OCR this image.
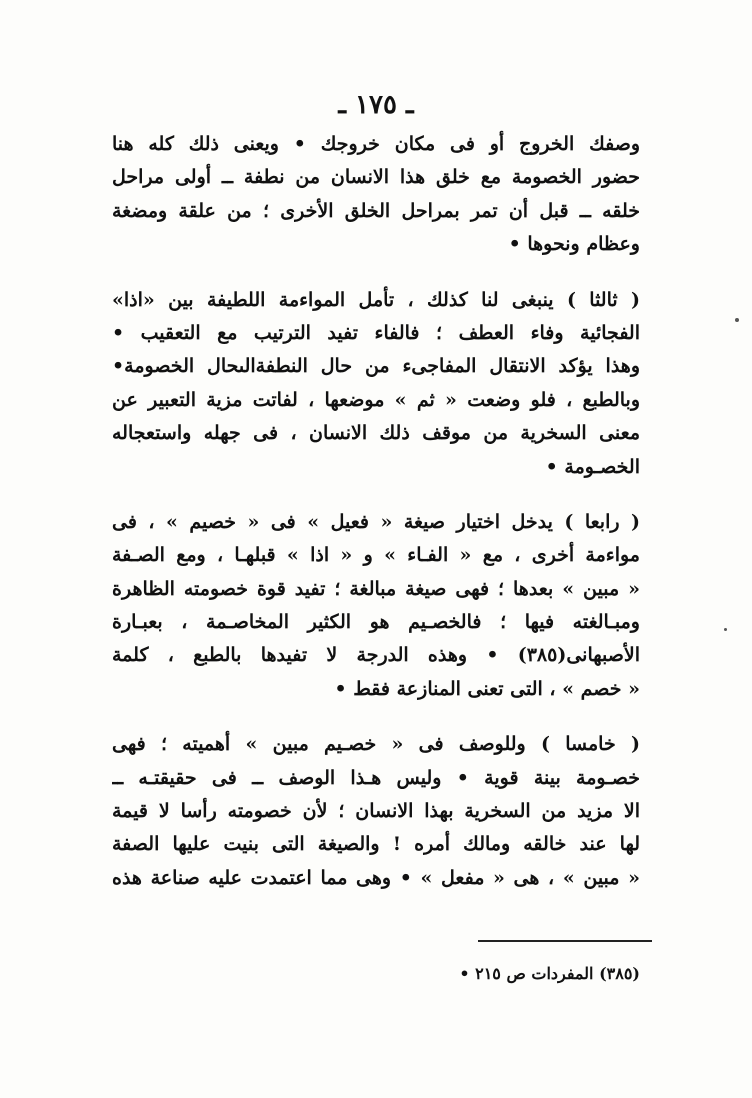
ـ ١٧٥ ـ
وصفك الخروج أو فى مكان خروجك • ويعنى ذلك كله هنا
حضور الخصومة مع خلق هذا الانسان من نطفة ــ أولى مراحل
خلقه ــ قبل أن تمر بمراحل الخلق الأخرى ؛ من علقة ومضغة
وعظام ونحوها •
( ثالثا ) ينبغى لنا كذلك ، تأمل المواءمة اللطيفة بين «اذا»
الفجائية وفاء العطف ؛ فالفاء تفيد الترتيب مع التعقيب •
وهذا يؤكد الانتقال المفاجىء من حال النطفةالىحال الخصومة•
وبالطبع ، فلو وضعت « ثم » موضعها ، لفاتت مزية التعبير عن
معنى السخرية من موقف ذلك الانسان ، فى جهله واستعجاله
الخصـومة •
( رابعا ) يدخل اختيار صيغة « فعيل » فى « خصيم » ، فى
مواءمة أخرى ، مع « الفـاء » و « اذا » قبلهـا ، ومع الصـفة
« مبين » بعدها ؛ فهى صيغة مبالغة ؛ تفيد قوة خصومته الظاهرة
ومبـالغته فيها ؛ فالخصـيم هو الكثير المخاصـمة ، بعبـارة
الأصبهانى(٣٨٥) • وهذه الدرجة لا تفيدها بالطبع ، كلمة
« خصم » ، التى تعنى المنازعة فقط •
( خامسا ) وللوصف فى « خصـيم مبين » أهميته ؛ فهى
خصـومة بينة قوية • وليس هـذا الوصف ــ فى حقيقتـه ــ
الا مزيد من السخرية بهذا الانسان ؛ لأن خصومته رأسا لا قيمة
لها عند خالقه ومالك أمره ! والصيغة التى بنيت عليها الصفة
« مبين » ، هى « مفعل » • وهى مما اعتمدت عليه صناعة هذه
(٣٨٥) المفردات ص ٢١٥ •
